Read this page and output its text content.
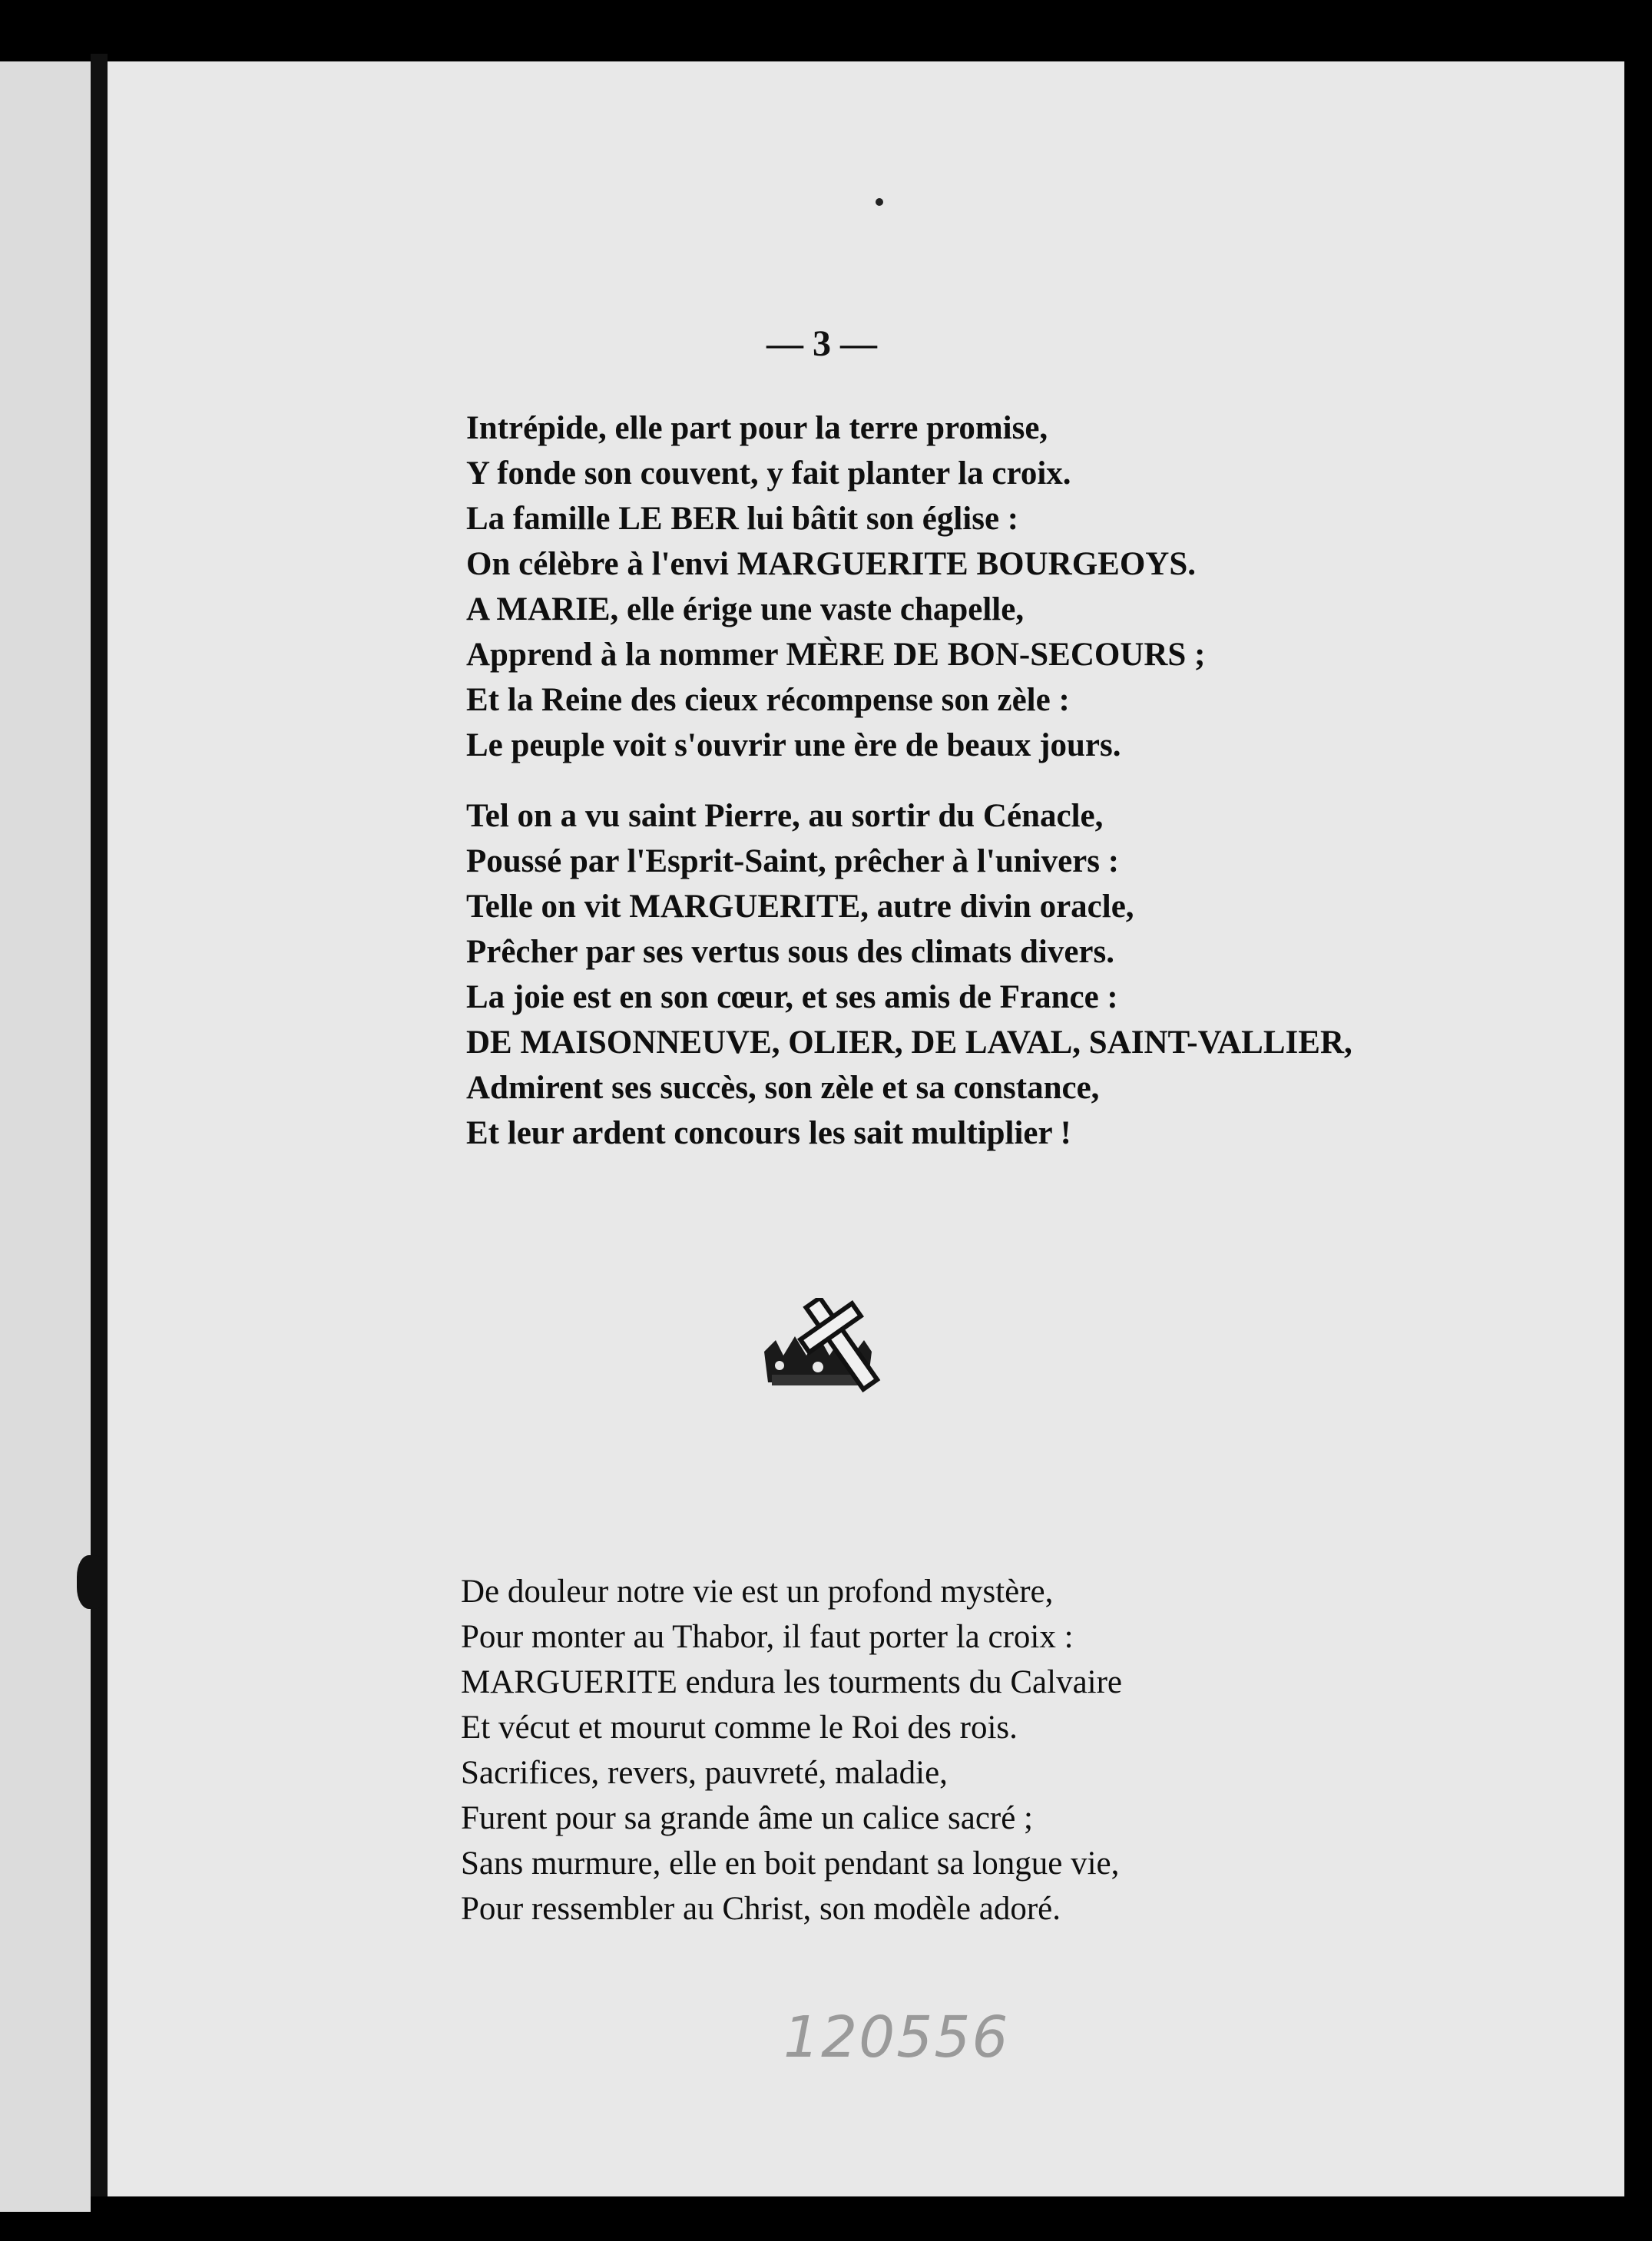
— 3 —
Intrépide, elle part pour la terre promise,
Y fonde son couvent, y fait planter la croix.
La famille LE BER lui bâtit son église :
On célèbre à l'envi MARGUERITE BOURGEOYS.
A MARIE, elle érige une vaste chapelle,
Apprend à la nommer MÈRE DE BON-SECOURS ;
Et la Reine des cieux récompense son zèle :
Le peuple voit s'ouvrir une ère de beaux jours.
Tel on a vu saint Pierre, au sortir du Cénacle,
Poussé par l'Esprit-Saint, prêcher à l'univers :
Telle on vit MARGUERITE, autre divin oracle,
Prêcher par ses vertus sous des climats divers.
La joie est en son cœur, et ses amis de France :
DE MAISONNEUVE, OLIER, DE LAVAL, SAINT-VALLIER,
Admirent ses succès, son zèle et sa constance,
Et leur ardent concours les sait multiplier !
De douleur notre vie est un profond mystère,
Pour monter au Thabor, il faut porter la croix :
MARGUERITE endura les tourments du Calvaire
Et vécut et mourut comme le Roi des rois.
Sacrifices, revers, pauvreté, maladie,
Furent pour sa grande âme un calice sacré ;
Sans murmure, elle en boit pendant sa longue vie,
Pour ressembler au Christ, son modèle adoré.
120556
